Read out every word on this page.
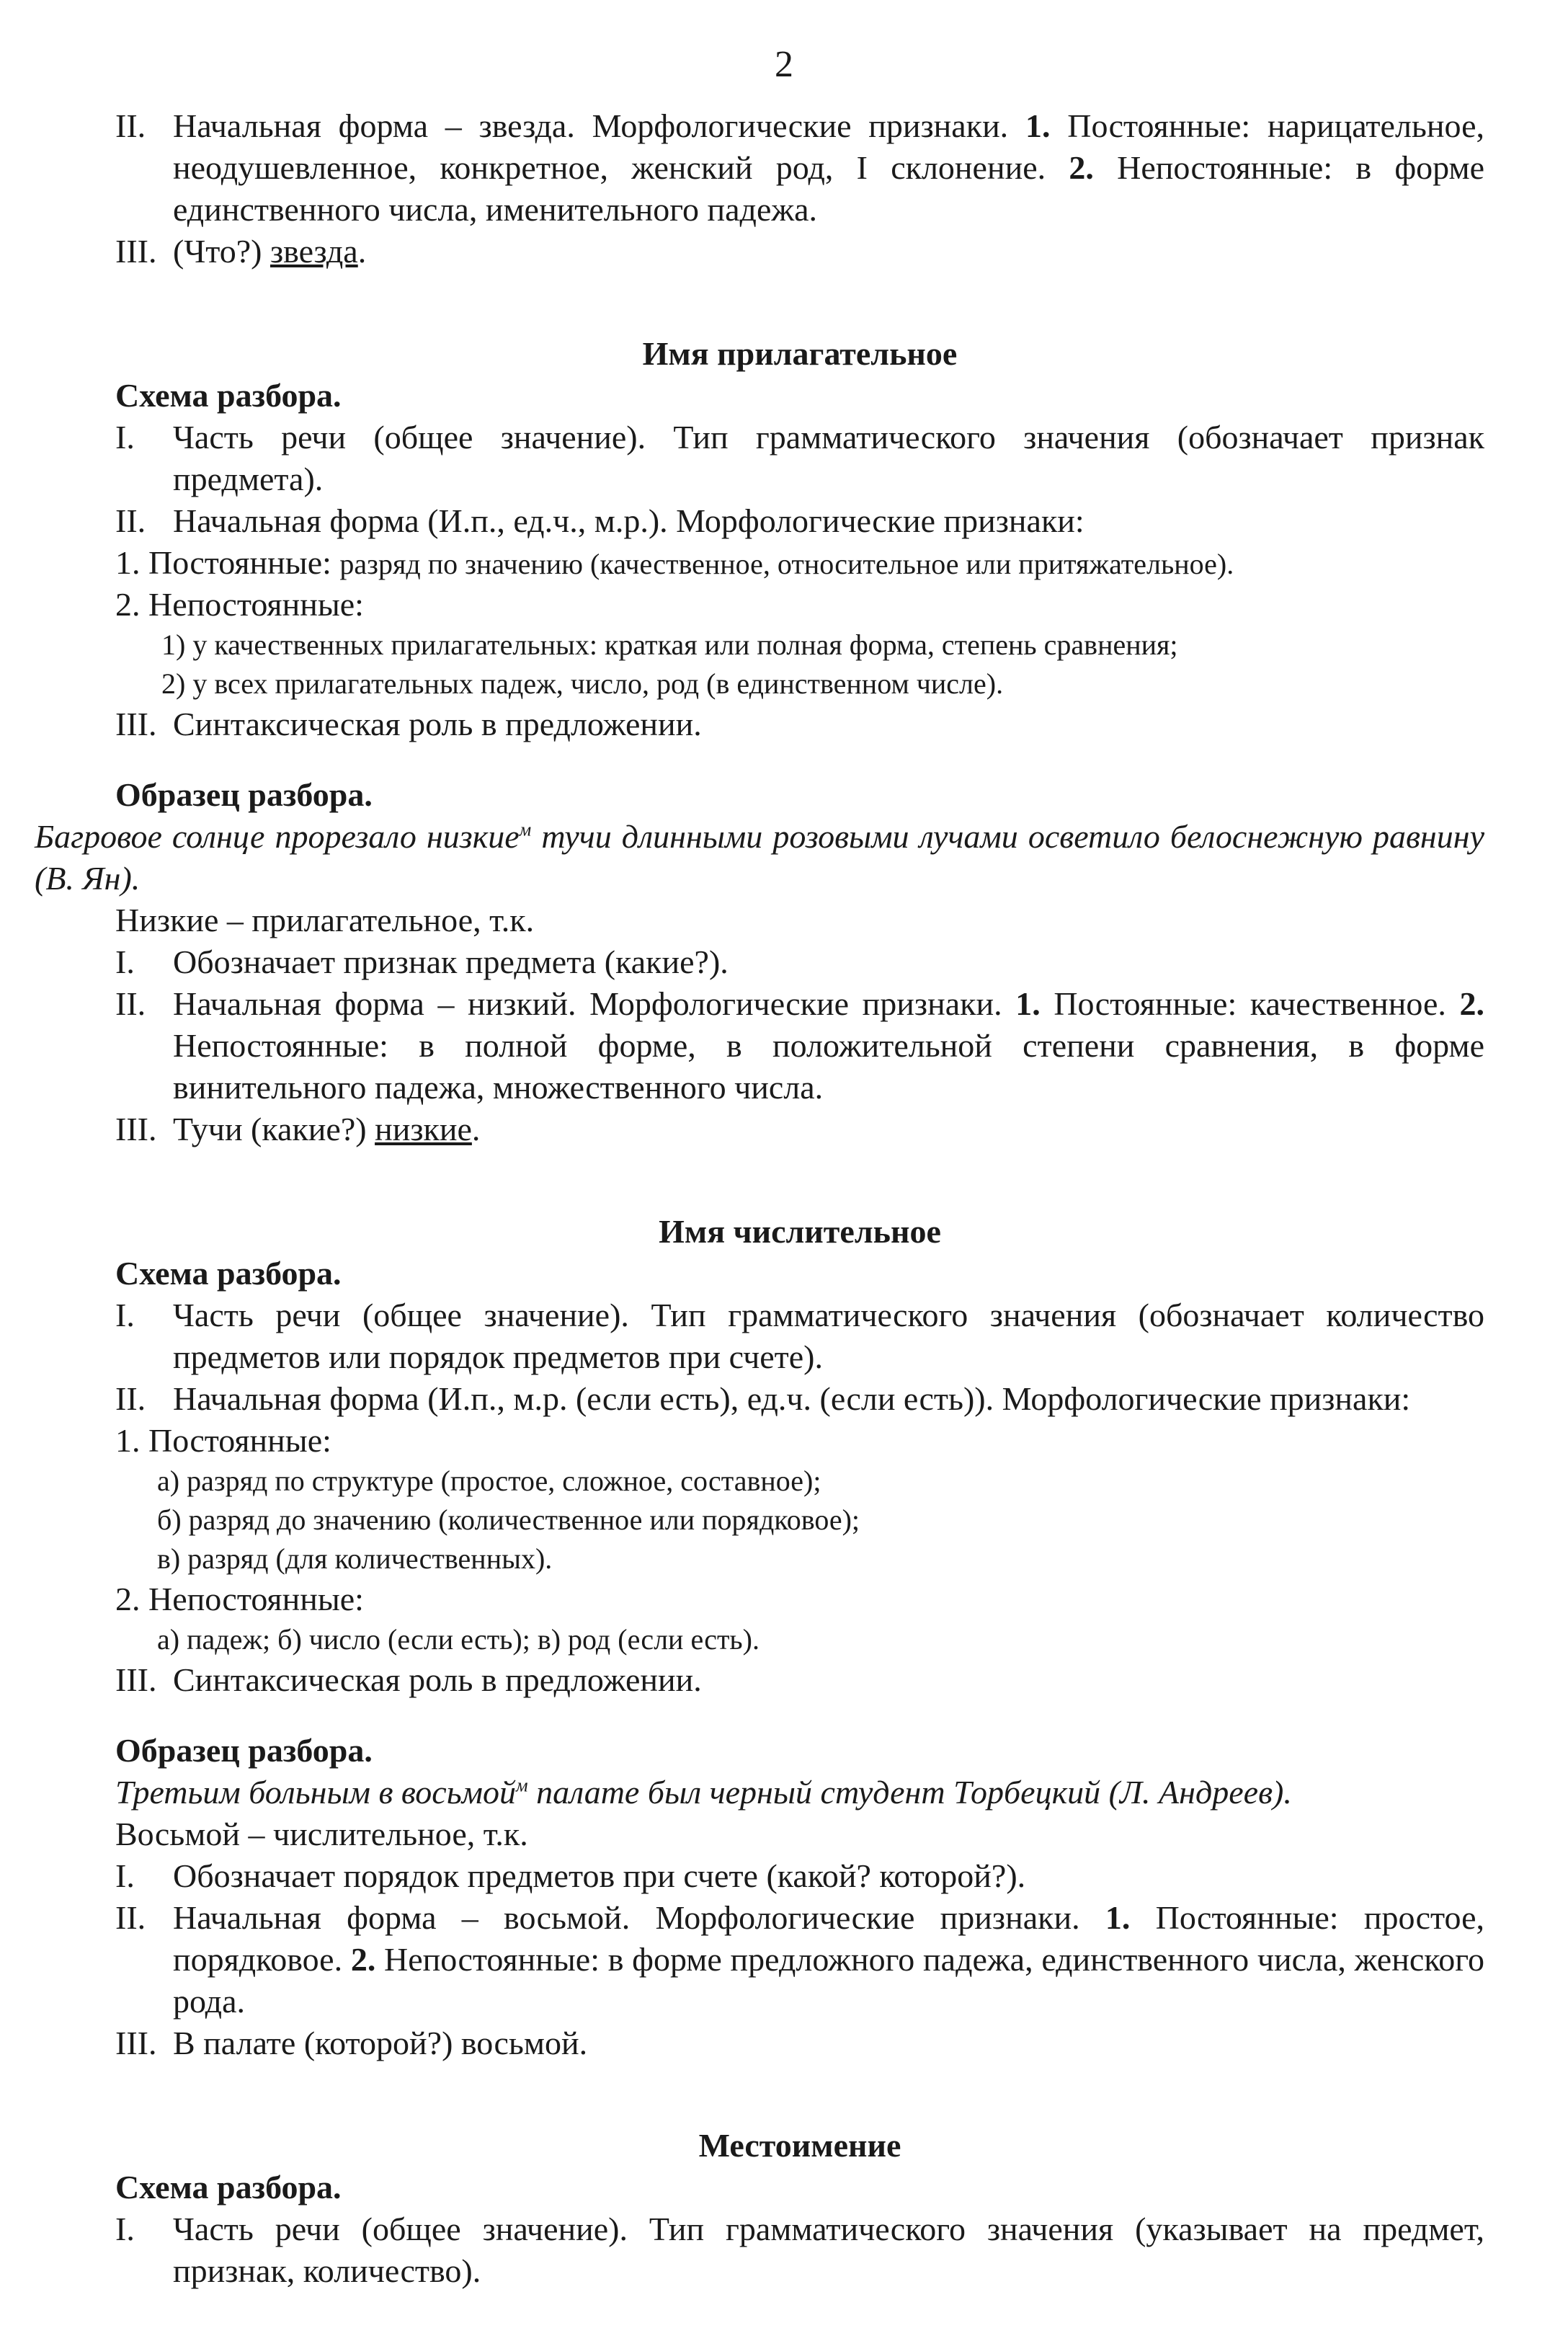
2
II. Начальная форма – звезда. Морфологические признаки. 1. Постоянные: нарицательное, неодушевленное, конкретное, женский род, I склонение. 2. Непостоянные: в форме единственного числа, именительного падежа.
III. (Что?) звезда.
Имя прилагательное

Схема разбора.

I.	Часть речи (общее значение). Тип грамматического значения (обозначает признак предмета).
II. Начальная форма (И.п., ед.ч., м.р.). Морфологические признаки:

1. Постоянные: разряд по значению (качественное, относительное или притяжательное).

2. Непостоянные:

1) у качественных прилагательных: краткая или полная форма, степень сравнения;

2) у всех прилагательных падеж, число, род (в единственном числе).

III. Синтаксическая роль в предложении.

Образец разбора.

Багровое солнце прорезало низкие$^м$ тучи длинными розовыми лучами осветило белоснежную равнину (В. Ян).

Низкие – прилагательное, т.к.

I.	Обозначает признак предмета (какие?).
II. Начальная форма – низкий. Морфологические признаки. 1. Постоянные: качественное. 2. Непостоянные: в полной форме, в положительной степени сравнения, в форме винительного падежа, множественного числа.
III. Тучи (какие?) низкие.
Имя числительное

Схема разбора.

I.	Часть речи (общее значение). Тип грамматического значения (обозначает количество предметов или порядок предметов при счете).
II. Начальная форма (И.п., м.р. (если есть), ед.ч. (если есть)). Морфологические признаки:

1. Постоянные:

а) разряд по структуре (простое, сложное, составное);

б) разряд до значению (количественное или порядковое);

в) разряд (для количественных).

2. Непостоянные:

а) падеж; б) число (если есть); в) род (если есть).

III. Синтаксическая роль в предложении.

Образец разбора.

Третьим больным в восьмой$^м$ палате был черный студент Торбецкий (Л. Андреев).

Восьмой – числительное, т.к.

I.	Обозначает порядок предметов при счете (какой? которой?).
II. Начальная форма – восьмой. Морфологические признаки. 1. Постоянные: простое, порядковое. 2. Непостоянные: в форме предложного падежа, единственного числа, женского рода.
III. В палате (которой?) восьмой.
Местоимение

Схема разбора.

I.	Часть речи (общее значение). Тип грамматического значения (указывает на предмет, признак, количество).
